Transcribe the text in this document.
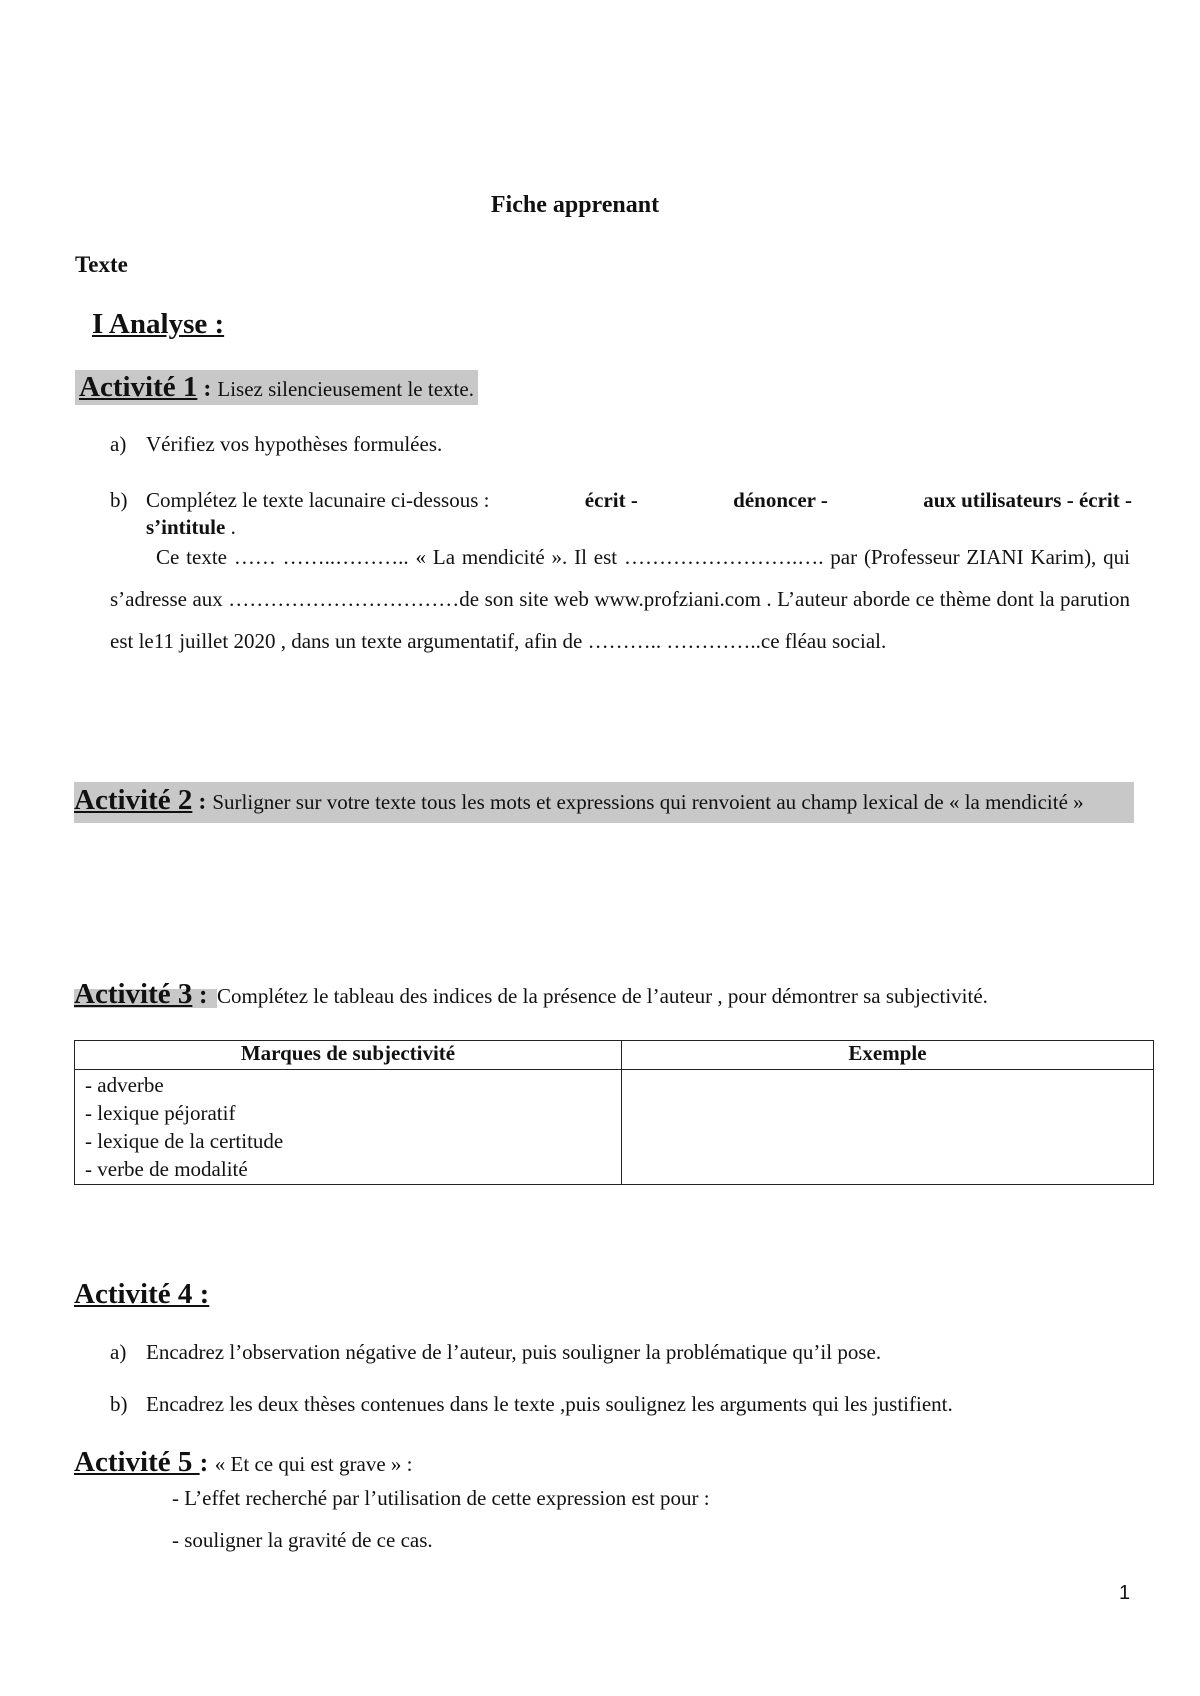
Fiche apprenant
Texte
I Analyse :
Activité 1 : Lisez silencieusement le texte.
a) Vérifiez vos hypothèses formulées.
b) Complétez le texte lacunaire ci-dessous :	écrit -	dénoncer -	aux utilisateurs - écrit -
s’intitule .
Ce texte …… ……..……….. « La mendicité ». Il est …………………….…. par (Professeur ZIANI Karim), qui s’adresse aux ……………………………de son site web www.profziani.com . L’auteur aborde ce thème dont la parution est le11 juillet 2020 , dans un texte argumentatif, afin de ……….. …………..ce fléau social.
Activité 2 : Surligner sur votre texte tous les mots et expressions qui renvoient au champ lexical de « la mendicité »
Activité 3 : Complétez le tableau des indices de la présence de l’auteur , pour démontrer sa subjectivité.
Marques de subjectivité	Exemple

- adverbe
- lexique péjoratif
- lexique de la certitude
- verbe de modalité	

Activité 4 :
a) Encadrez l’observation négative de l’auteur, puis souligner la problématique qu’il pose.
b) Encadrez les deux thèses contenues dans le texte ,puis soulignez les arguments qui les justifient.
Activité 5 : « Et ce qui est grave » :
- L’effet recherché par l’utilisation de cette expression est pour :
- souligner la gravité de ce cas.
1
